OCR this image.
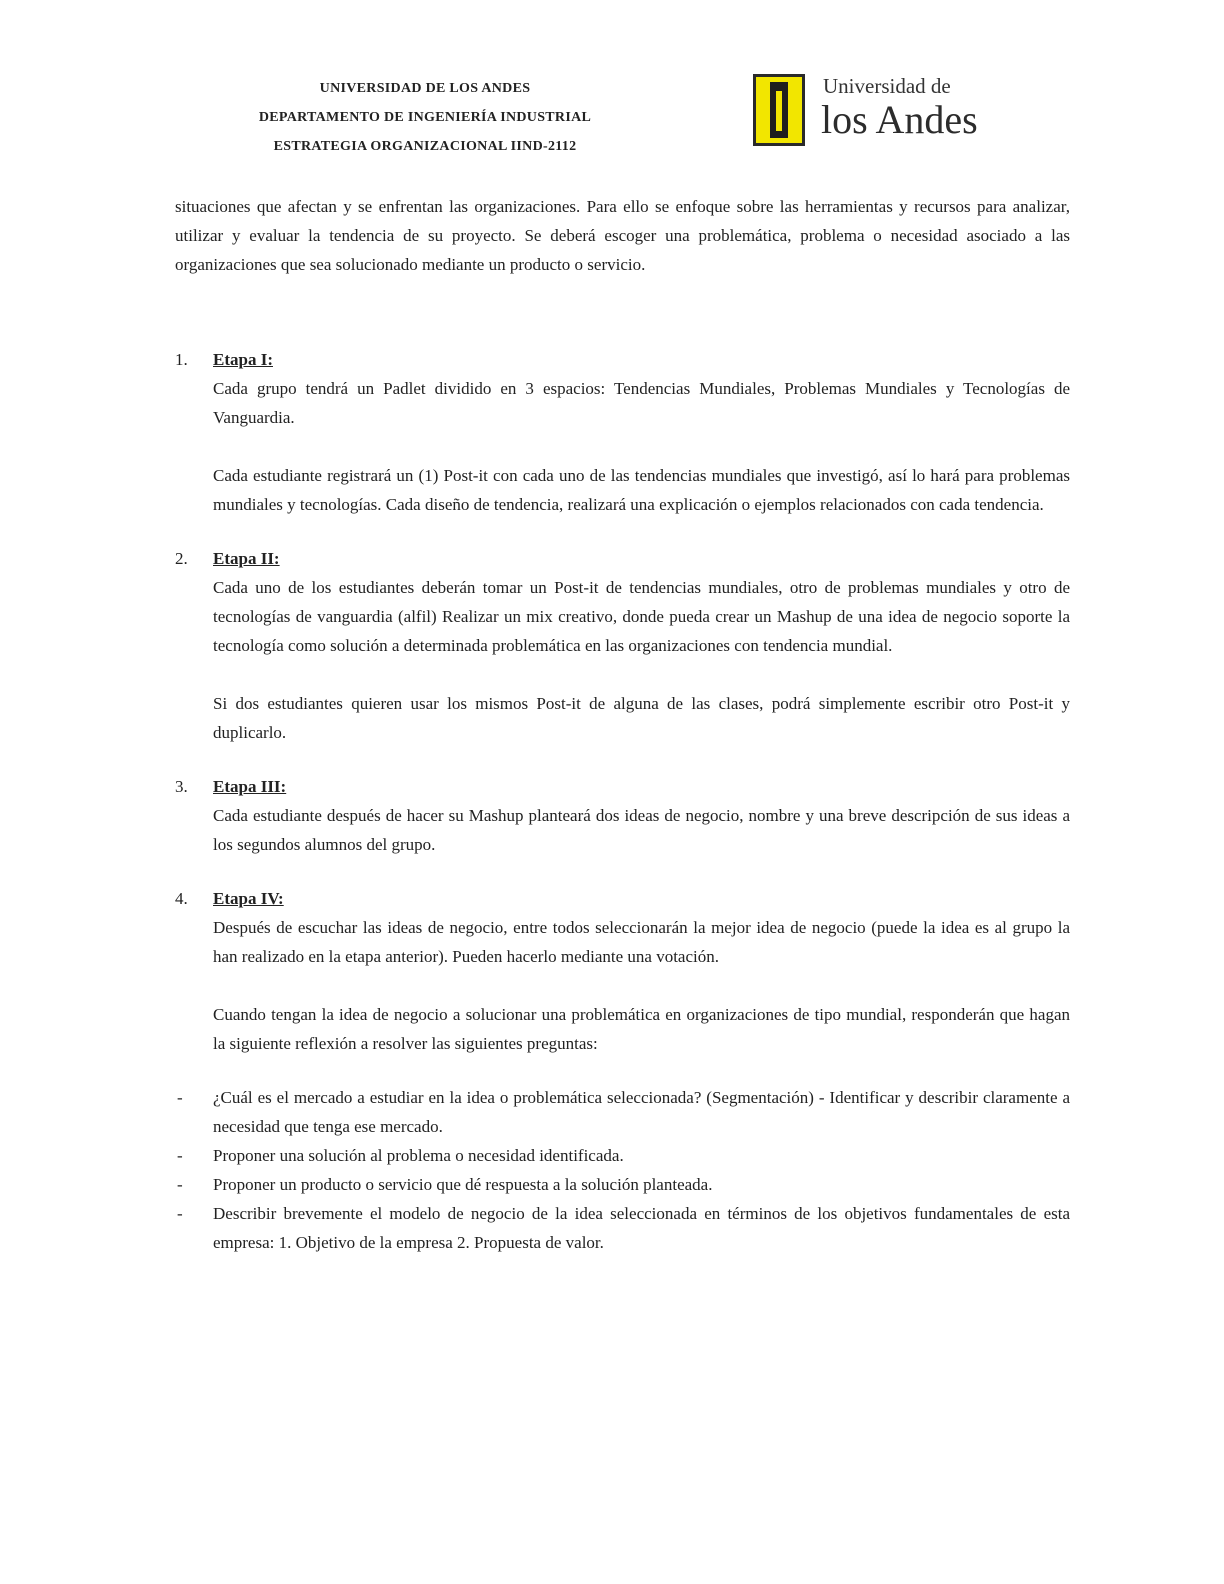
UNIVERSIDAD DE LOS ANDES
DEPARTAMENTO DE INGENIERÍA INDUSTRIAL
ESTRATEGIA ORGANIZACIONAL IIND-2112
Universidad de
los Andes

situaciones que afectan y se enfrentan las organizaciones. Para ello se enfoque sobre las herramientas y recursos para analizar, utilizar y evaluar la tendencia de su proyecto. Se deberá escoger una problemática, problema o necesidad asociado a las organizaciones que sea solucionado mediante un producto o servicio.

1. Etapa I:

Cada grupo tendrá un Padlet dividido en 3 espacios: Tendencias Mundiales, Problemas Mundiales y Tecnologías de Vanguardia.

Cada estudiante registrará un (1) Post-it con cada uno de las tendencias mundiales que investigó, así lo hará para problemas mundiales y tecnologías. Cada diseño de tendencia, realizará una explicación o ejemplos relacionados con cada tendencia.

2. Etapa II:

Cada uno de los estudiantes deberán tomar un Post-it de tendencias mundiales, otro de problemas mundiales y otro de tecnologías de vanguardia (alfil) Realizar un mix creativo, donde pueda crear un Mashup de una idea de negocio soporte la tecnología como solución a determinada problemática en las organizaciones con tendencia mundial.

Si dos estudiantes quieren usar los mismos Post-it de alguna de las clases, podrá simplemente escribir otro Post-it y duplicarlo.

3. Etapa III:

Cada estudiante después de hacer su Mashup planteará dos ideas de negocio, nombre y una breve descripción de sus ideas a los segundos alumnos del grupo.

4. Etapa IV:

Después de escuchar las ideas de negocio, entre todos seleccionarán la mejor idea de negocio (puede la idea es al grupo la han realizado en la etapa anterior). Pueden hacerlo mediante una votación.

Cuando tengan la idea de negocio a solucionar una problemática en organizaciones de tipo mundial, responderán que hagan la siguiente reflexión a resolver las siguientes preguntas:

- ¿Cuál es el mercado a estudiar en la idea o problemática seleccionada? (Segmentación) - Identificar y describir claramente a necesidad que tenga ese mercado.
- Proponer una solución al problema o necesidad identificada.
- Proponer un producto o servicio que dé respuesta a la solución planteada.
- Describir brevemente el modelo de negocio de la idea seleccionada en términos de los objetivos fundamentales de esta empresa: 1. Objetivo de la empresa 2. Propuesta de valor.
